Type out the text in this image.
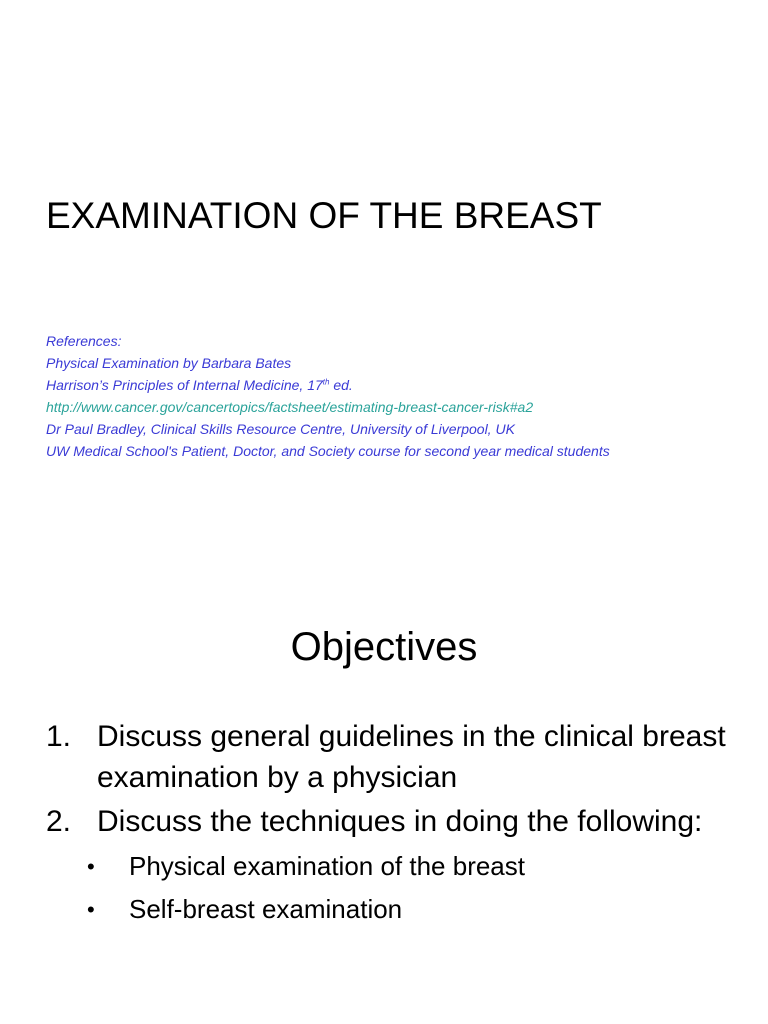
EXAMINATION OF THE BREAST
References:
Physical Examination by Barbara Bates
Harrison’s Principles of Internal Medicine, 17th ed.
http://www.cancer.gov/cancertopics/factsheet/estimating-breast-cancer-risk#a2
Dr Paul Bradley, Clinical Skills Resource Centre, University of Liverpool, UK
UW Medical School's Patient, Doctor, and Society course for second year medical students
Objectives
1. Discuss general guidelines in the clinical breast examination by a physician
2. Discuss the techniques in doing the following:
• Physical examination of the breast
• Self-breast examination
